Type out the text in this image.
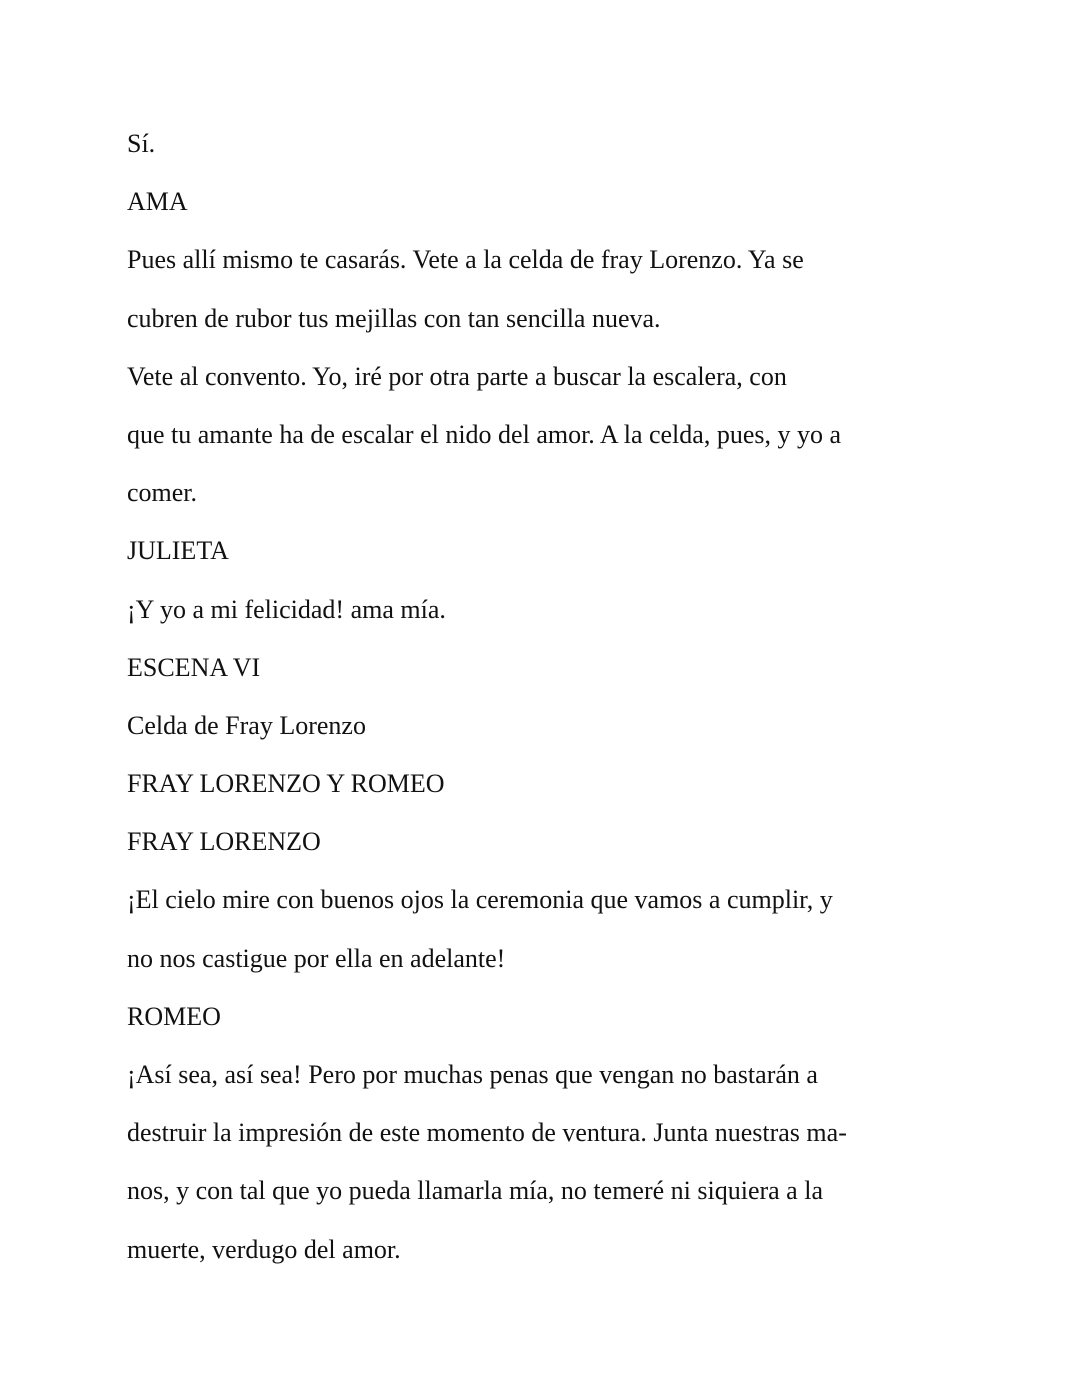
Sí.

AMA

Pues allí mismo te casarás. Vete a la celda de fray Lorenzo. Ya se

cubren de rubor tus mejillas con tan sencilla nueva.

Vete al convento. Yo, iré por otra parte a buscar la escalera, con

que tu amante ha de escalar el nido del amor. A la celda, pues, y yo a

comer.

JULIETA

¡Y yo a mi felicidad! ama mía.

ESCENA VI

Celda de Fray Lorenzo

FRAY LORENZO Y ROMEO

FRAY LORENZO

¡El cielo mire con buenos ojos la ceremonia que vamos a cumplir, y

no nos castigue por ella en adelante!

ROMEO

¡Así sea, así sea! Pero por muchas penas que vengan no bastarán a

destruir la impresión de este momento de ventura. Junta nuestras ma-

nos, y con tal que yo pueda llamarla mía, no temeré ni siquiera a la

muerte, verdugo del amor.
